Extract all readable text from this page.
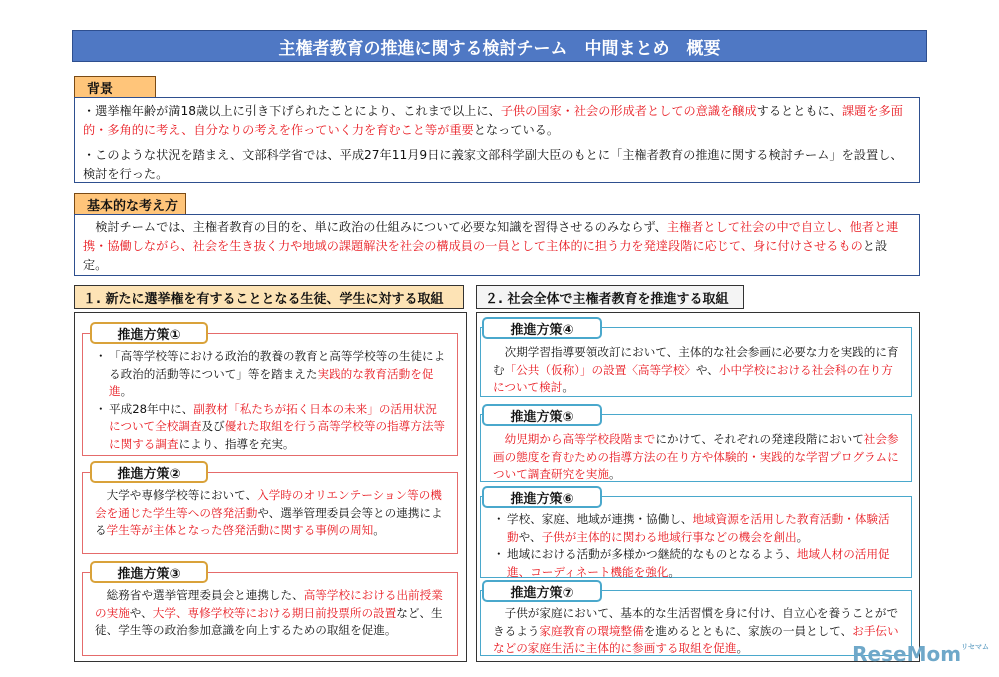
主権者教育の推進に関する検討チーム　中間まとめ　概要
背景
・選挙権年齢が満18歳以上に引き下げられたことにより、これまで以上に、子供の国家・社会の形成者としての意識を醸成するとともに、課題を多面的・多角的に考え、自分なりの考えを作っていく力を育むこと等が重要となっている。
・このような状況を踏まえ、文部科学省では、平成27年11月9日に義家文部科学副大臣のもとに「主権者教育の推進に関する検討チーム」を設置し、検討を行った。
基本的な考え方
検討チームでは、主権者教育の目的を、単に政治の仕組みについて必要な知識を習得させるのみならず、主権者として社会の中で自立し、他者と連携・協働しながら、社会を生き抜く力や地域の課題解決を社会の構成員の一員として主体的に担う力を発達段階に応じて、身に付けさせるものと設定。
１. 新たに選挙権を有することとなる生徒、学生に対する取組
推進方策①
・ 「高等学校等における政治的教養の教育と高等学校等の生徒による政治的活動等について」等を踏まえた実践的な教育活動を促進。
・ 平成28年中に、副教材「私たちが拓く日本の未来」の活用状況について全校調査及び優れた取組を行う高等学校等の指導方法等に関する調査により、指導を充実。
推進方策②
大学や専修学校等において、入学時のオリエンテーション等の機会を通じた学生等への啓発活動や、選挙管理委員会等との連携による学生等が主体となった啓発活動に関する事例の周知。
推進方策③
総務省や選挙管理委員会と連携した、高等学校における出前授業の実施や、大学、専修学校等における期日前投票所の設置など、生徒、学生等の政治参加意識を向上するための取組を促進。
２. 社会全体で主権者教育を推進する取組
推進方策④
次期学習指導要領改訂において、主体的な社会参画に必要な力を実践的に育む「公共（仮称）」の設置〈高等学校〉や、小中学校における社会科の在り方について検討。
推進方策⑤
幼児期から高等学校段階までにかけて、それぞれの発達段階において社会参画の態度を育むための指導方法の在り方や体験的・実践的な学習プログラムについて調査研究を実施。
推進方策⑥
・ 学校、家庭、地域が連携・協働し、地域資源を活用した教育活動・体験活動や、子供が主体的に関わる地域行事などの機会を創出。
・ 地域における活動が多様かつ継続的なものとなるよう、地域人材の活用促進、コーディネート機能を強化。
推進方策⑦
子供が家庭において、基本的な生活習慣を身に付け、自立心を養うことができるよう家庭教育の環境整備を進めるとともに、家族の一員として、お手伝いなどの家庭生活に主体的に参画する取組を促進。	ReseMom$^{リセマム}$
